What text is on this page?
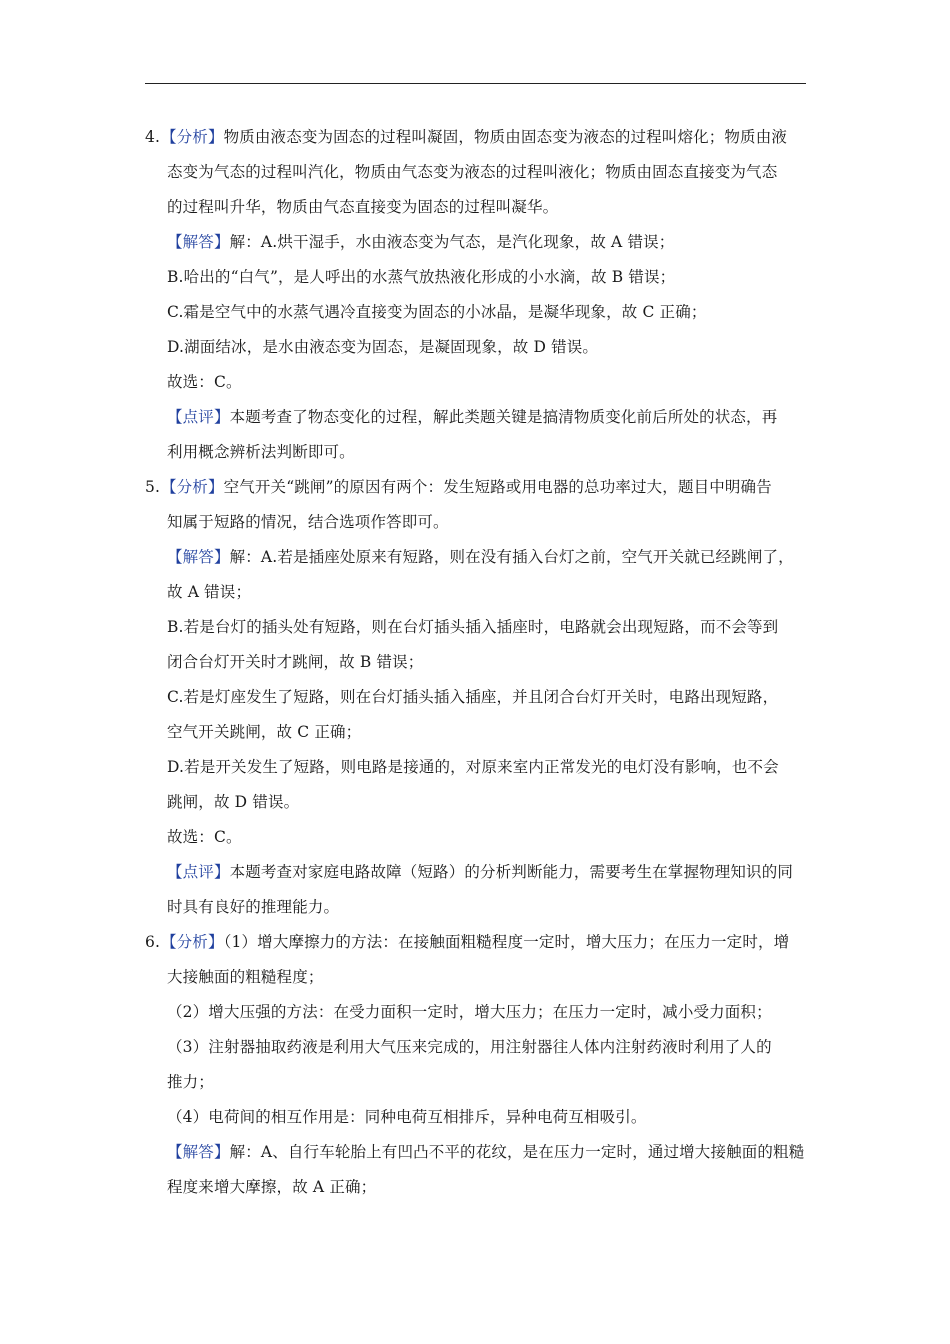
4.【分析】物质由液态变为固态的过程叫凝固，物质由固态变为液态的过程叫熔化；物质由液
态变为气态的过程叫汽化，物质由气态变为液态的过程叫液化；物质由固态直接变为气态
的过程叫升华，物质由气态直接变为固态的过程叫凝华。
【解答】解：A.烘干湿手，水由液态变为气态，是汽化现象，故 A 错误；
B.哈出的“白气”，是人呼出的水蒸气放热液化形成的小水滴，故 B 错误；
C.霜是空气中的水蒸气遇冷直接变为固态的小冰晶，是凝华现象，故 C 正确；
D.湖面结冰，是水由液态变为固态，是凝固现象，故 D 错误。
故选：C。
【点评】本题考查了物态变化的过程，解此类题关键是搞清物质变化前后所处的状态，再
利用概念辨析法判断即可。
5.【分析】空气开关“跳闸”的原因有两个：发生短路或用电器的总功率过大，题目中明确告
知属于短路的情况，结合选项作答即可。
【解答】解：A.若是插座处原来有短路，则在没有插入台灯之前，空气开关就已经跳闸了，
故 A 错误；
B.若是台灯的插头处有短路，则在台灯插头插入插座时，电路就会出现短路，而不会等到
闭合台灯开关时才跳闸，故 B 错误；
C.若是灯座发生了短路，则在台灯插头插入插座，并且闭合台灯开关时，电路出现短路，
空气开关跳闸，故 C 正确；
D.若是开关发生了短路，则电路是接通的，对原来室内正常发光的电灯没有影响，也不会
跳闸，故 D 错误。
故选：C。
【点评】本题考查对家庭电路故障（短路）的分析判断能力，需要考生在掌握物理知识的同
时具有良好的推理能力。
6.【分析】（1）增大摩擦力的方法：在接触面粗糙程度一定时，增大压力；在压力一定时，增
大接触面的粗糙程度；
（2）增大压强的方法：在受力面积一定时，增大压力；在压力一定时，减小受力面积；
（3）注射器抽取药液是利用大气压来完成的，用注射器往人体内注射药液时利用了人的
推力；
（4）电荷间的相互作用是：同种电荷互相排斥，异种电荷互相吸引。
【解答】解：A、自行车轮胎上有凹凸不平的花纹，是在压力一定时，通过增大接触面的粗糙
程度来增大摩擦，故 A 正确；
